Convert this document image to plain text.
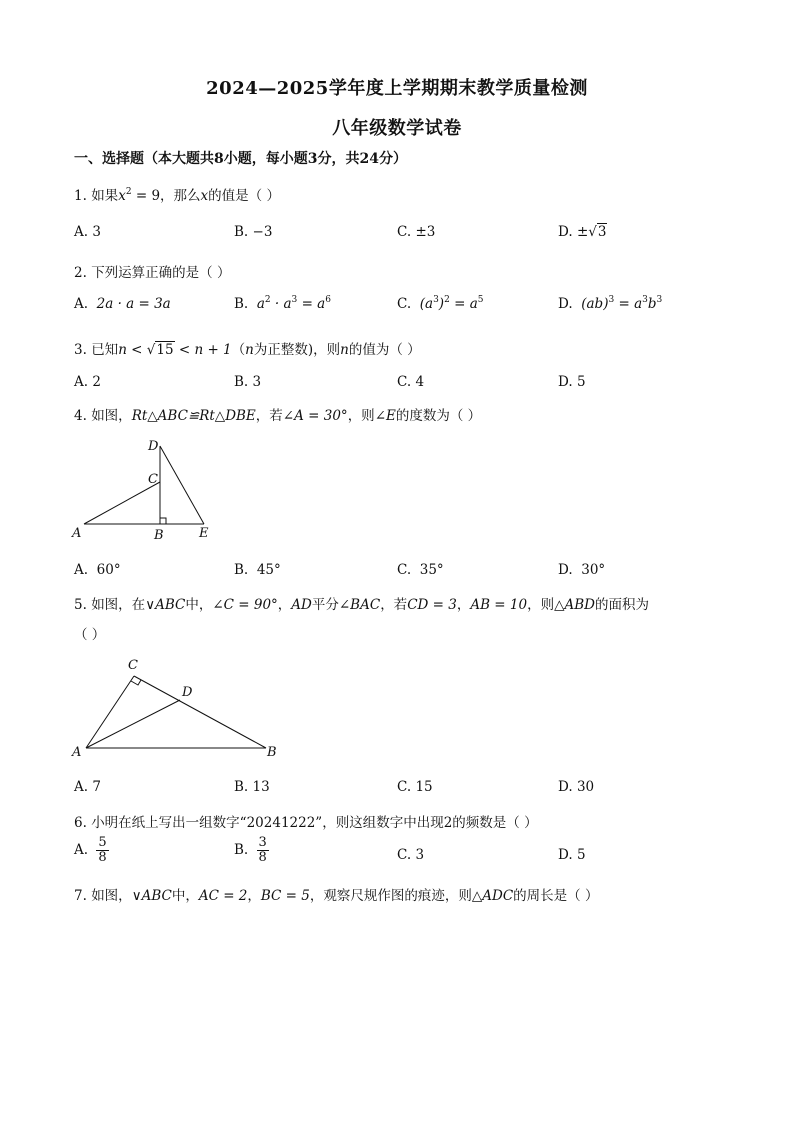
2024—2025学年度上学期期末教学质量检测
八年级数学试卷
一、选择题（本大题共8小题，每小题3分，共24分）
1. 如果$x^2 = 9$，那么x的值是（ ）
A. 3	B. −3	C. ±3	D. ±√3
2. 下列运算正确的是（ ）
A. 2a · a = 3a	B. $a^2 \cdot a^3 = a^6$	C. $(a^3)^2 = a^5$	D. $(ab)^3 = a^3b^3$
3. 已知n < √15 < n + 1（n为正整数)，则n的值为（ ）
A. 2	B. 3	C. 4	D. 5
4. 如图，Rt△ABC≌Rt△DBE，若∠A = 30°，则∠E的度数为（ ）
D
C
A	B	E
A. 60°	B. 45°	C. 35°	D. 30°
5. 如图，在∨ABC中，∠C = 90°，AD平分∠BAC，若CD = 3，AB = 10，则△ABD的面积为
（ ）
C
D
A	B
A. 7	B. 13	C. 15	D. 30
6. 小明在纸上写出一组数字“20241222”，则这组数字中出现2的频数是（ ）
A. $\frac{5}{8}$	B. $\frac{3}{8}$	C. 3	D. 5
7. 如图，∨ABC中，AC = 2，BC = 5，观察尺规作图的痕迹，则△ADC的周长是（ ）
